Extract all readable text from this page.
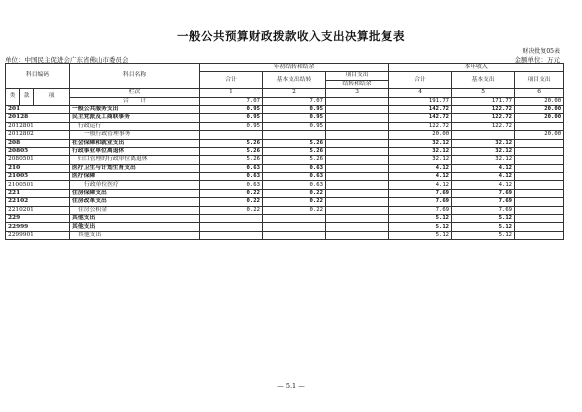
一般公共预算财政拨款收入支出决算批复表
财决批复05表
单位：中国民主促进会广东省佛山市委员会	金额单位：万元
科目编码			科目名称	年初结转和结余			本年收入		
				合计	基本支出结转	项目支出	合计	基本支出	项目支出
						结转和结余			
类	款	项	栏次	1	2	3	4	5	6
			合　　计	7.07	7.07		191.77	171.77	20.00
201			一般公共服务支出	0.95	0.95		142.72	122.72	20.00
20128			民主党派及工商联事务	0.95	0.95		142.72	122.72	20.00
2012801			行政运行	0.95	0.95		122.72	122.72	
2012802			一般行政管理事务				20.00		20.00
208			社会保障和就业支出	5.26	5.26		32.12	32.12	
20805			行政事业单位离退休	5.26	5.26		32.12	32.12	
2080501			归口管理的行政单位离退休	5.26	5.26		32.12	32.12	
210			医疗卫生与计划生育支出	0.63	0.63		4.12	4.12	
21005			医疗保障	0.63	0.63		4.12	4.12	
2100501			行政单位医疗	0.63	0.63		4.12	4.12	
221			住房保障支出	0.22	0.22		7.69	7.69	
22102			住房改革支出	0.22	0.22		7.69	7.69	
2210201			住房公积金	0.22	0.22		7.69	7.69	
229			其他支出				5.12	5.12	
22999			其他支出				5.12	5.12	
2299901			其他支出				5.12	5.12	
— 5.1 —
